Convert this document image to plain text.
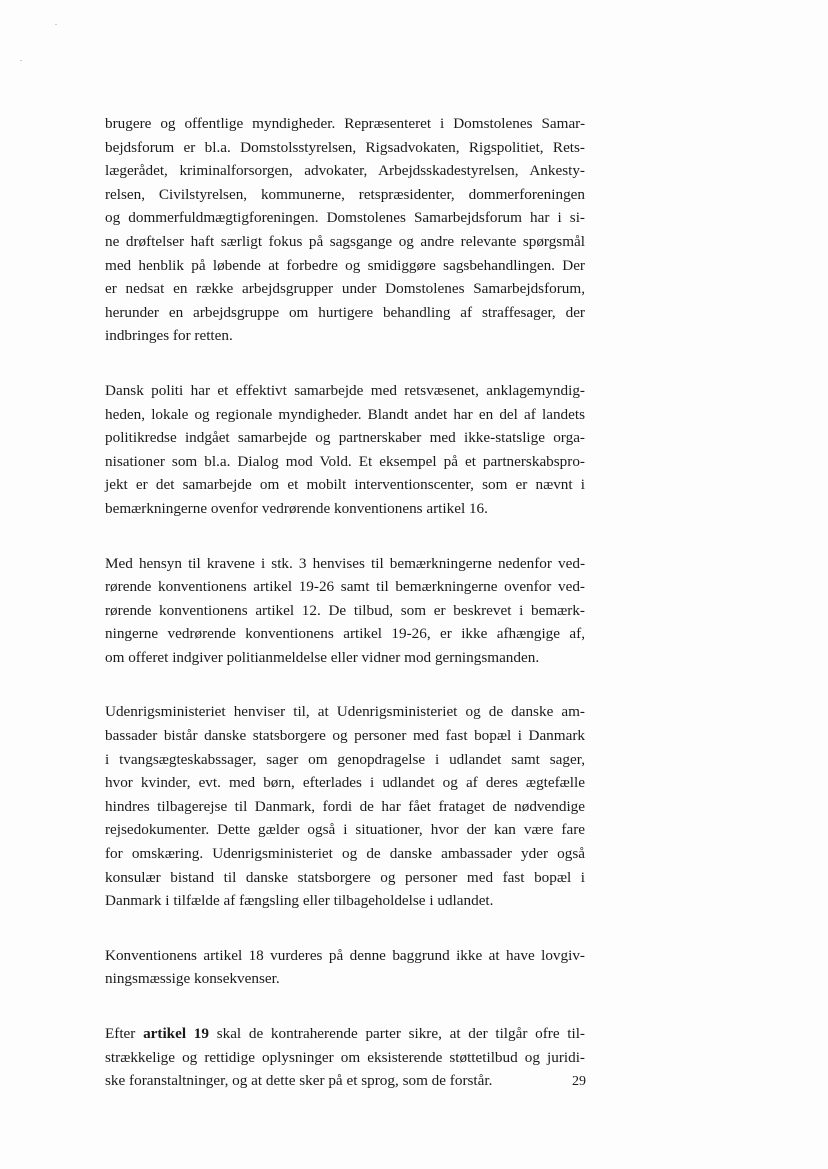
brugere og offentlige myndigheder. Repræsenteret i Domstolenes Samar-
bejdsforum er bl.a. Domstolsstyrelsen, Rigsadvokaten, Rigspolitiet, Rets-
lægerådet, kriminalforsorgen, advokater, Arbejdsskadestyrelsen, Ankesty-
relsen, Civilstyrelsen, kommunerne, retspræsidenter, dommerforeningen
og dommerfuldmægtigforeningen. Domstolenes Samarbejdsforum har i si-
ne drøftelser haft særligt fokus på sagsgange og andre relevante spørgsmål
med henblik på løbende at forbedre og smidiggøre sagsbehandlingen. Der
er nedsat en række arbejdsgrupper under Domstolenes Samarbejdsforum,
herunder en arbejdsgruppe om hurtigere behandling af straffesager, der
indbringes for retten.

Dansk politi har et effektivt samarbejde med retsvæsenet, anklagemyndig-
heden, lokale og regionale myndigheder. Blandt andet har en del af landets
politikredse indgået samarbejde og partnerskaber med ikke-statslige orga-
nisationer som bl.a. Dialog mod Vold. Et eksempel på et partnerskabspro-
jekt er det samarbejde om et mobilt interventionscenter, som er nævnt i
bemærkningerne ovenfor vedrørende konventionens artikel 16.

Med hensyn til kravene i stk. 3 henvises til bemærkningerne nedenfor ved-
rørende konventionens artikel 19-26 samt til bemærkningerne ovenfor ved-
rørende konventionens artikel 12. De tilbud, som er beskrevet i bemærk-
ningerne vedrørende konventionens artikel 19-26, er ikke afhængige af,
om offeret indgiver politianmeldelse eller vidner mod gerningsmanden.

Udenrigsministeriet henviser til, at Udenrigsministeriet og de danske am-
bassader bistår danske statsborgere og personer med fast bopæl i Danmark
i tvangsægteskabssager, sager om genopdragelse i udlandet samt sager,
hvor kvinder, evt. med børn, efterlades i udlandet og af deres ægtefælle
hindres tilbagerejse til Danmark, fordi de har fået frataget de nødvendige
rejsedokumenter. Dette gælder også i situationer, hvor der kan være fare
for omskæring. Udenrigsministeriet og de danske ambassader yder også
konsulær bistand til danske statsborgere og personer med fast bopæl i
Danmark i tilfælde af fængsling eller tilbageholdelse i udlandet.

Konventionens artikel 18 vurderes på denne baggrund ikke at have lovgiv-
ningsmæssige konsekvenser.

Efter artikel 19 skal de kontraherende parter sikre, at der tilgår ofre til-
strækkelige og rettidige oplysninger om eksisterende støttetilbud og juridi-
ske foranstaltninger, og at dette sker på et sprog, som de forstår.	29
